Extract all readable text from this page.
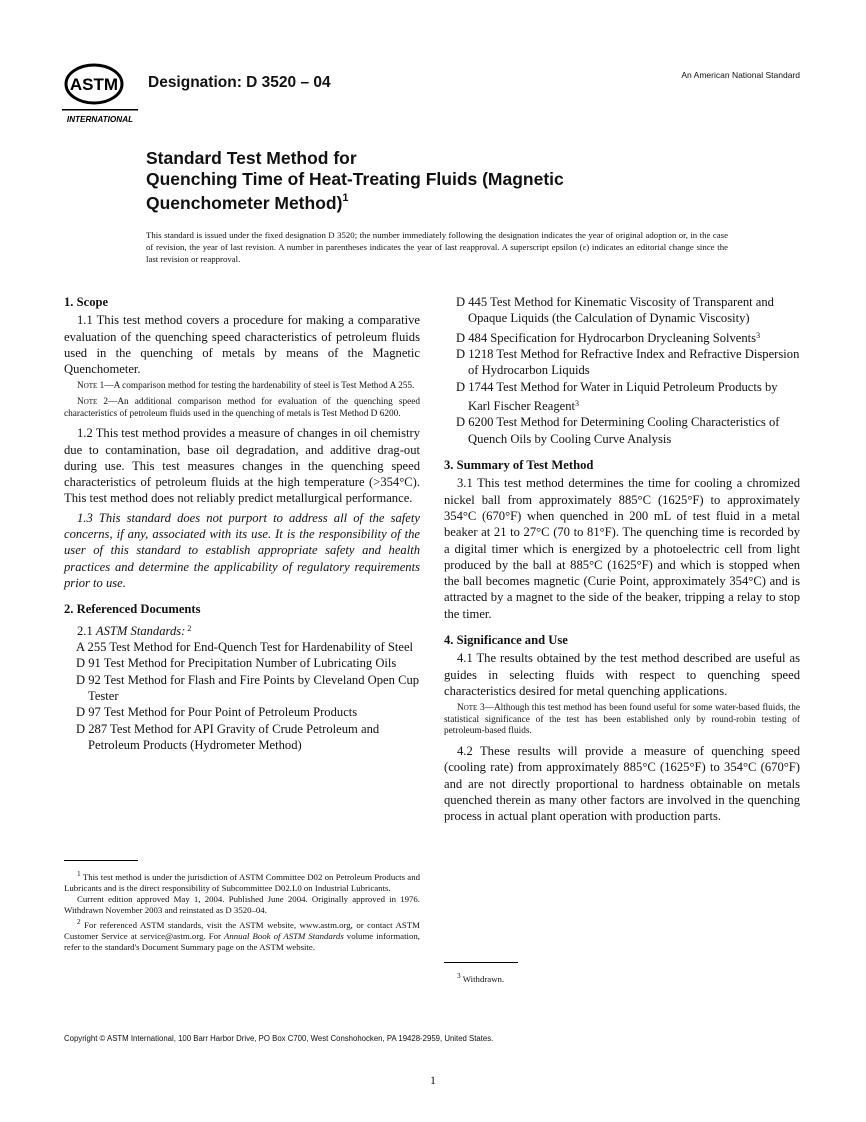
ASTM
INTERNATIONAL
Designation: D 3520 – 04	An American National Standard
Standard Test Method for
Quenching Time of Heat-Treating Fluids (Magnetic
Quenchometer Method)$^1$
This standard is issued under the fixed designation D 3520; the number immediately following the designation indicates the year of original adoption or, in the case of revision, the year of last revision. A number in parentheses indicates the year of last reapproval. A superscript epsilon (ε) indicates an editorial change since the last revision or reapproval.
1. Scope

1.1 This test method covers a procedure for making a comparative evaluation of the quenching speed characteristics of petroleum fluids used in the quenching of metals by means of the Magnetic Quenchometer.

Note 1—A comparison method for testing the hardenability of steel is Test Method A 255.

Note 2—An additional comparison method for evaluation of the quenching speed characteristics of petroleum fluids used in the quenching of metals is Test Method D 6200.

1.2 This test method provides a measure of changes in oil chemistry due to contamination, base oil degradation, and additive drag-out during use. This test measures changes in the quenching speed characteristics of petroleum fluids at the high temperature (>354°C). This test method does not reliably predict metallurgical performance.

1.3 This standard does not purport to address all of the safety concerns, if any, associated with its use. It is the responsibility of the user of this standard to establish appropriate safety and health practices and determine the applicability of regulatory requirements prior to use.

2. Referenced Documents

2.1 ASTM Standards: $^2$

A 255 Test Method for End-Quench Test for Hardenability of Steel

D 91 Test Method for Precipitation Number of Lubricating Oils

D 92 Test Method for Flash and Fire Points by Cleveland Open Cup Tester

D 97 Test Method for Pour Point of Petroleum Products

D 287 Test Method for API Gravity of Crude Petroleum and Petroleum Products (Hydrometer Method)

$^1$ This test method is under the jurisdiction of ASTM Committee D02 on Petroleum Products and Lubricants and is the direct responsibility of Subcommittee D02.L0 on Industrial Lubricants.

Current edition approved May 1, 2004. Published June 2004. Originally approved in 1976. Withdrawn November 2003 and reinstated as D 3520–04.

$^2$ For referenced ASTM standards, visit the ASTM website, www.astm.org, or contact ASTM Customer Service at service@astm.org. For Annual Book of ASTM Standards volume information, refer to the standard's Document Summary page on the ASTM website.

D 445 Test Method for Kinematic Viscosity of Transparent and Opaque Liquids (the Calculation of Dynamic Viscosity)

D 484 Specification for Hydrocarbon Drycleaning Solvents$^3$

D 1218 Test Method for Refractive Index and Refractive Dispersion of Hydrocarbon Liquids

D 1744 Test Method for Water in Liquid Petroleum Products by Karl Fischer Reagent$^3$

D 6200 Test Method for Determining Cooling Characteristics of Quench Oils by Cooling Curve Analysis

3. Summary of Test Method

3.1 This test method determines the time for cooling a chromized nickel ball from approximately 885°C (1625°F) to approximately 354°C (670°F) when quenched in 200 mL of test fluid in a metal beaker at 21 to 27°C (70 to 81°F). The quenching time is recorded by a digital timer which is energized by a photoelectric cell from light produced by the ball at 885°C (1625°F) and which is stopped when the ball becomes magnetic (Curie Point, approximately 354°C) and is attracted by a magnet to the side of the beaker, tripping a relay to stop the timer.

4. Significance and Use

4.1 The results obtained by the test method described are useful as guides in selecting fluids with respect to quenching speed characteristics desired for metal quenching applications.

Note 3—Although this test method has been found useful for some water-based fluids, the statistical significance of the test has been established only by round-robin testing of petroleum-based fluids.

4.2 These results will provide a measure of quenching speed (cooling rate) from approximately 885°C (1625°F) to 354°C (670°F) and are not directly proportional to hardness obtainable on metals quenched therein as many other factors are involved in the quenching process in actual plant operation with production parts.

$^3$ Withdrawn.

Copyright © ASTM International, 100 Barr Harbor Drive, PO Box C700, West Conshohocken, PA 19428-2959, United States.
1
